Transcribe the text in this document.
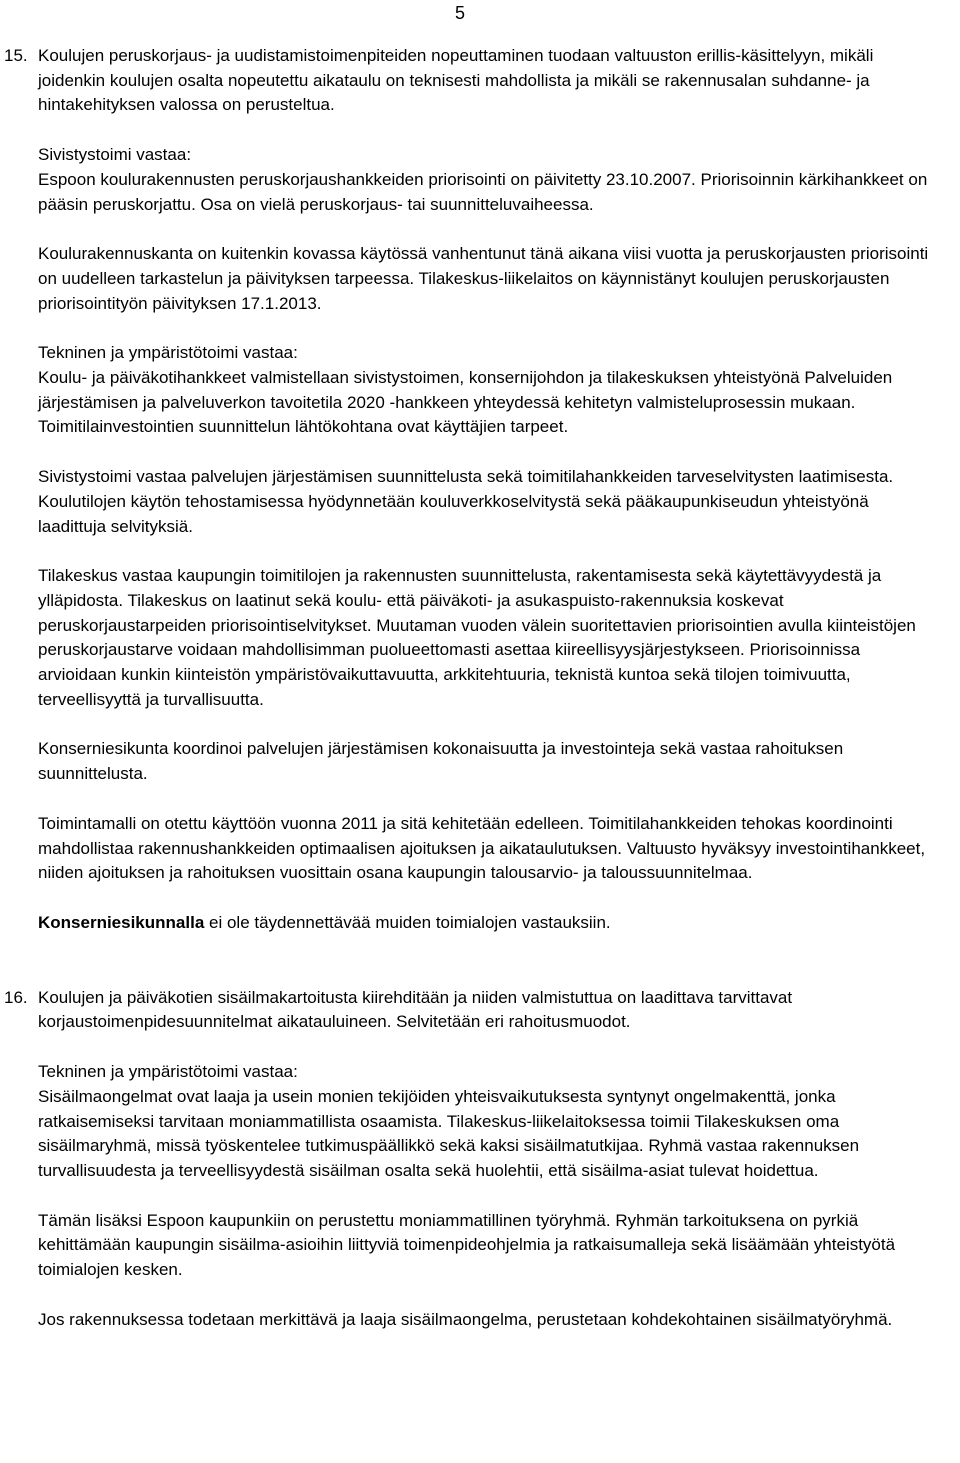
5
15. Koulujen peruskorjaus- ja uudistamistoimenpiteiden nopeuttaminen tuodaan valtuuston erillis-käsittelyyn, mikäli joidenkin koulujen osalta nopeutettu aikataulu on teknisesti mahdollista ja mikäli se rakennusalan suhdanne- ja hintakehityksen valossa on perusteltua.

Sivistystoimi vastaa:

Espoon koulurakennusten peruskorjaushankkeiden priorisointi on päivitetty 23.10.2007. Priorisoinnin kärkihankkeet on pääsin peruskorjattu. Osa on vielä peruskorjaus- tai suunnitteluvaiheessa.

Koulurakennuskanta on kuitenkin kovassa käytössä vanhentunut tänä aikana viisi vuotta ja peruskorjausten priorisointi on uudelleen tarkastelun ja päivityksen tarpeessa. Tilakeskus-liikelaitos on käynnistänyt koulujen peruskorjausten priorisointityön päivityksen 17.1.2013.

Tekninen ja ympäristötoimi vastaa:

Koulu- ja päiväkotihankkeet valmistellaan sivistystoimen, konsernijohdon ja tilakeskuksen yhteistyönä Palveluiden järjestämisen ja palveluverkon tavoitetila 2020 -hankkeen yhteydessä kehitetyn valmisteluprosessin mukaan. Toimitilainvestointien suunnittelun lähtökohtana ovat käyttäjien tarpeet.

Sivistystoimi vastaa palvelujen järjestämisen suunnittelusta sekä toimitilahankkeiden tarveselvitysten laatimisesta. Koulutilojen käytön tehostamisessa hyödynnetään kouluverkkoselvitystä sekä pääkaupunkiseudun yhteistyönä laadittuja selvityksiä.

Tilakeskus vastaa kaupungin toimitilojen ja rakennusten suunnittelusta, rakentamisesta sekä käytettävyydestä ja ylläpidosta. Tilakeskus on laatinut sekä koulu- että päiväkoti- ja asukaspuisto-rakennuksia koskevat peruskorjaustarpeiden priorisointiselvitykset. Muutaman vuoden välein suoritettavien priorisointien avulla kiinteistöjen peruskorjaustarve voidaan mahdollisimman puolueettomasti asettaa kiireellisyysjärjestykseen. Priorisoinnissa arvioidaan kunkin kiinteistön ympäristövaikuttavuutta, arkkitehtuuria, teknistä kuntoa sekä tilojen toimivuutta, terveellisyyttä ja turvallisuutta.

Konserniesikunta koordinoi palvelujen järjestämisen kokonaisuutta ja investointeja sekä vastaa rahoituksen suunnittelusta.

Toimintamalli on otettu käyttöön vuonna 2011 ja sitä kehitetään edelleen. Toimitilahankkeiden tehokas koordinointi mahdollistaa rakennushankkeiden optimaalisen ajoituksen ja aikataulutuksen. Valtuusto hyväksyy investointihankkeet, niiden ajoituksen ja rahoituksen vuosittain osana kaupungin talousarvio- ja taloussuunnitelmaa.

Konserniesikunnalla ei ole täydennettävää muiden toimialojen vastauksiin.

16. Koulujen ja päiväkotien sisäilmakartoitusta kiirehditään ja niiden valmistuttua on laadittava tarvittavat korjaustoimenpidesuunnitelmat aikatauluineen. Selvitetään eri rahoitusmuodot.

Tekninen ja ympäristötoimi vastaa:

Sisäilmaongelmat ovat laaja ja usein monien tekijöiden yhteisvaikutuksesta syntynyt ongelmakenttä, jonka ratkaisemiseksi tarvitaan moniammatillista osaamista. Tilakeskus-liikelaitoksessa toimii Tilakeskuksen oma sisäilmaryhmä, missä työskentelee tutkimuspäällikkö sekä kaksi sisäilmatutkijaa. Ryhmä vastaa rakennuksen turvallisuudesta ja terveellisyydestä sisäilman osalta sekä huolehtii, että sisäilma-asiat tulevat hoidettua.

Tämän lisäksi Espoon kaupunkiin on perustettu moniammatillinen työryhmä. Ryhmän tarkoituksena on pyrkiä kehittämään kaupungin sisäilma-asioihin liittyviä toimenpideohjelmia ja ratkaisumalleja sekä lisäämään yhteistyötä toimialojen kesken.

Jos rakennuksessa todetaan merkittävä ja laaja sisäilmaongelma, perustetaan kohdekohtainen sisäilmatyöryhmä.
